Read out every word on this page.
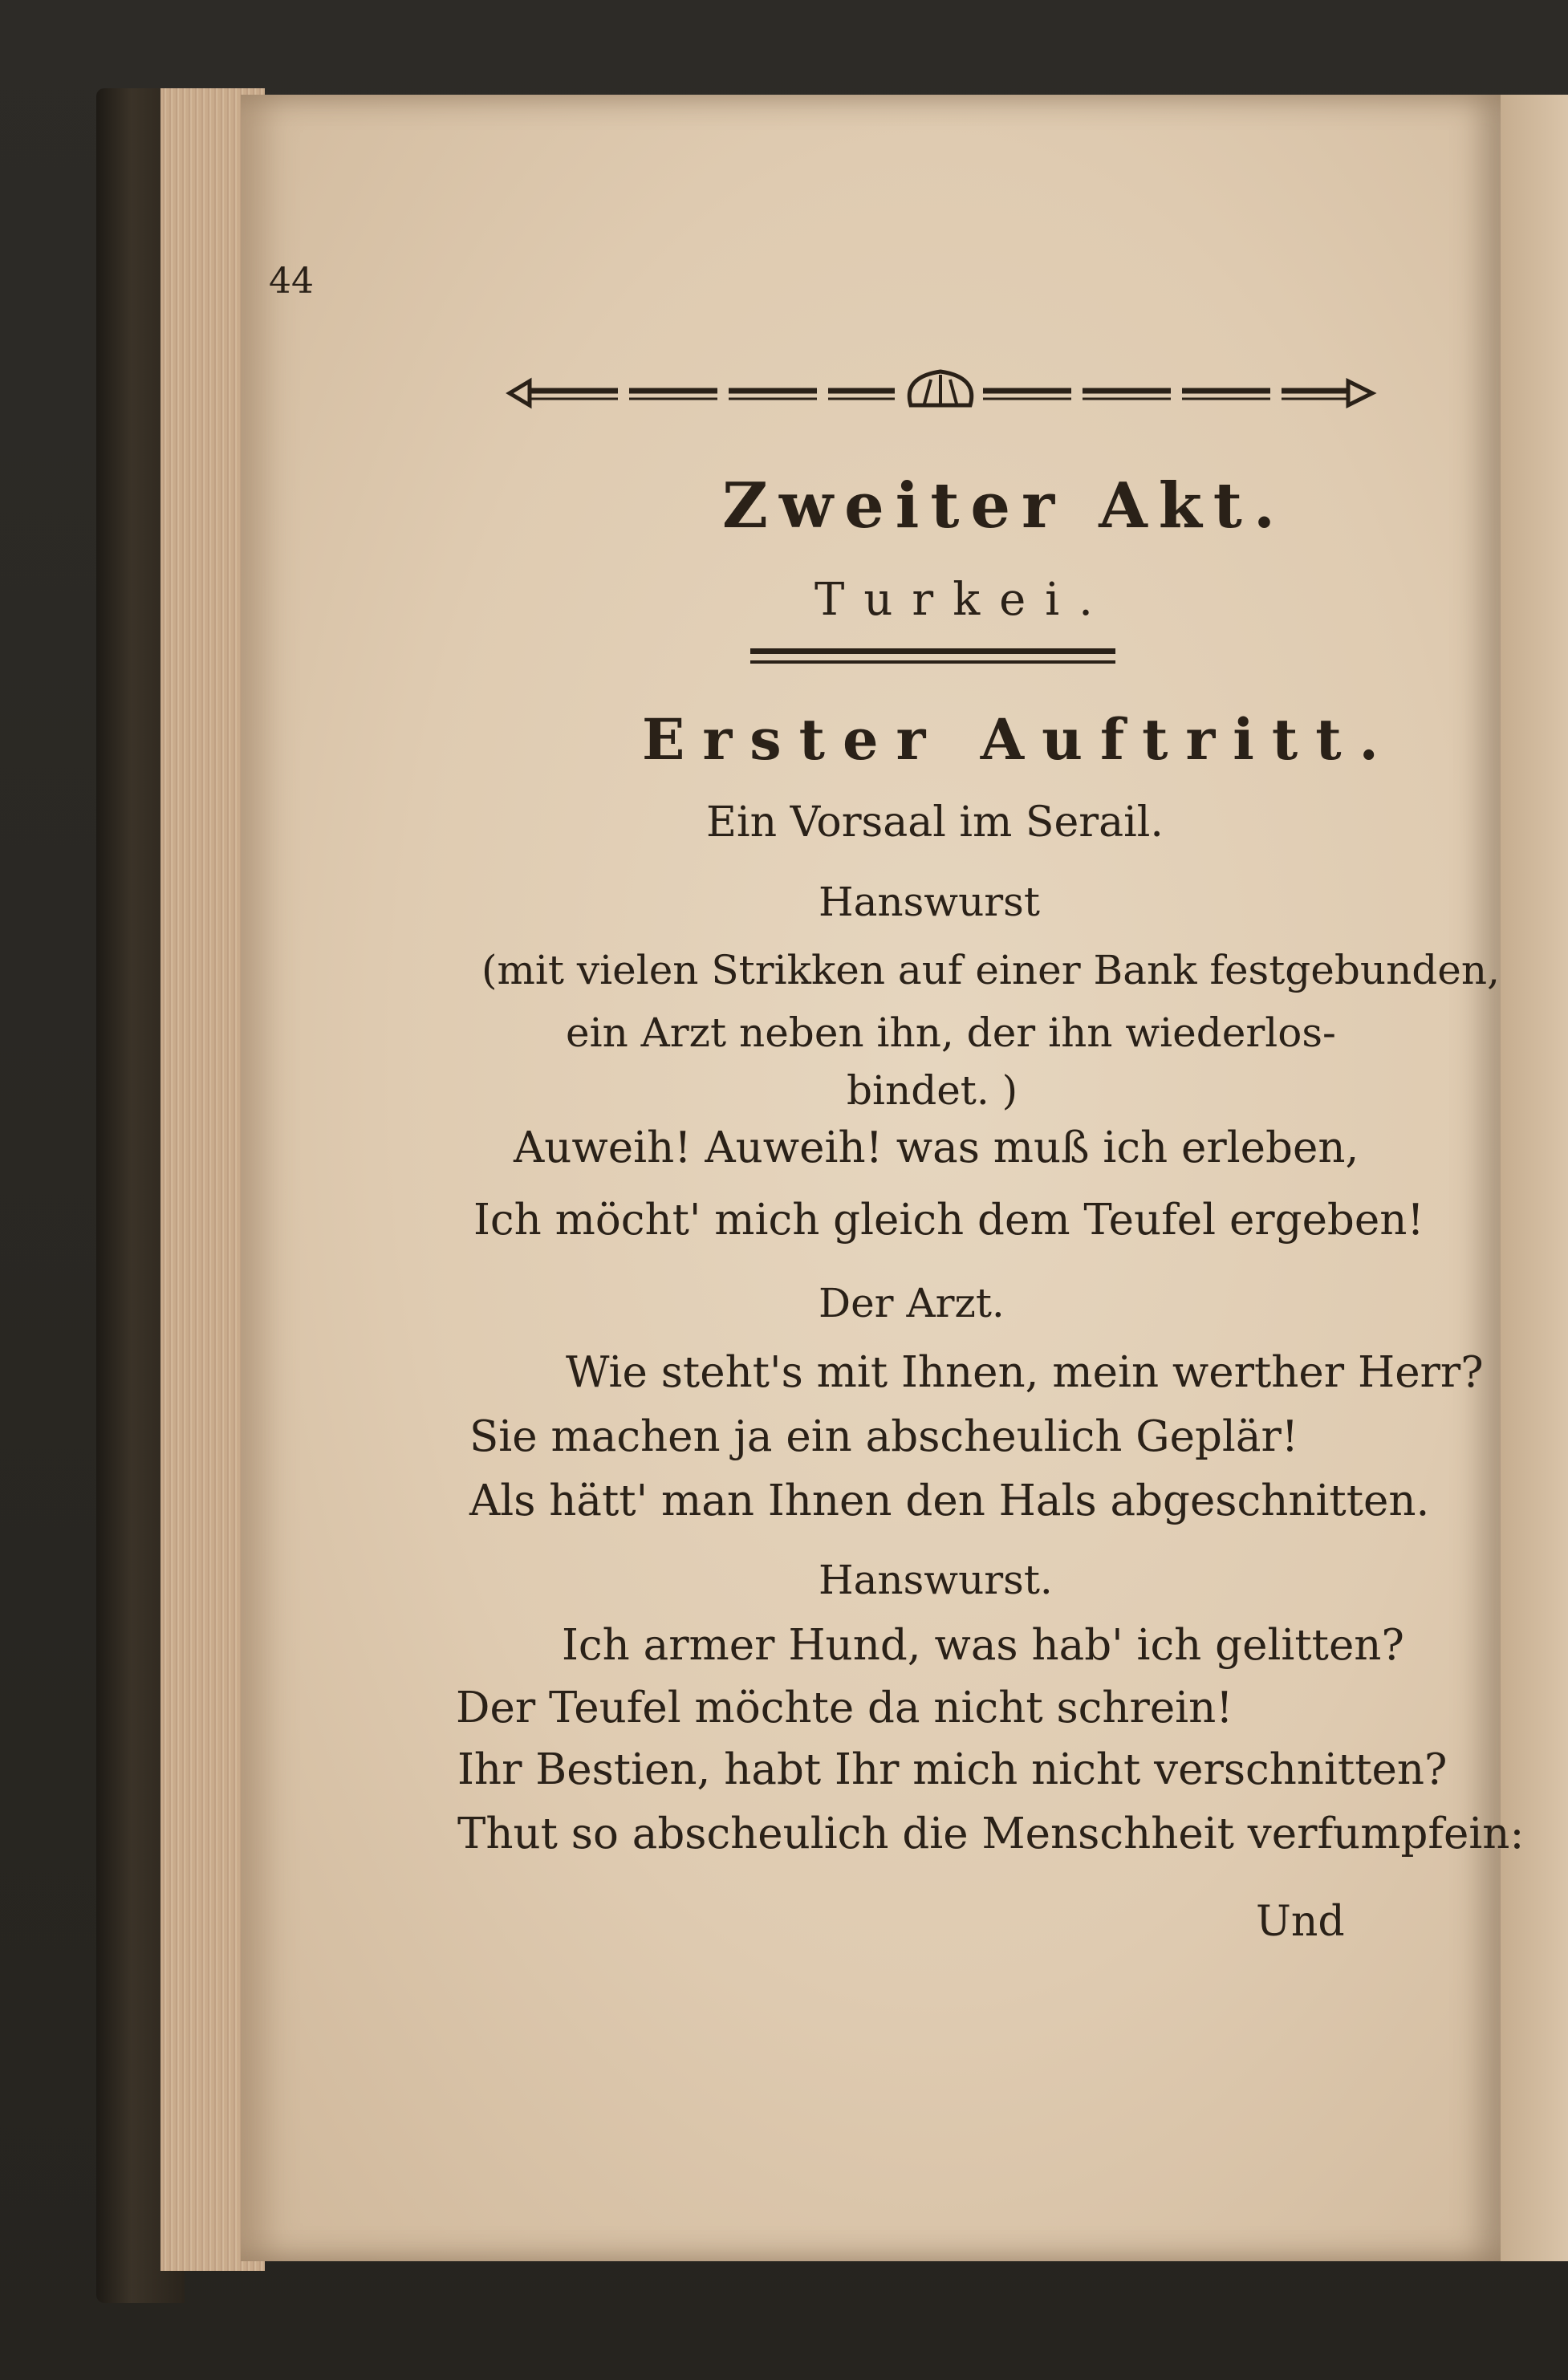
44
Zweiter Akt.
Turkei.
Erster Auftritt.
Ein Vorsaal im Serail.
Hanswurst
(mit vielen Strikken auf einer Bank festgebunden,
ein Arzt neben ihn, der ihn wiederlos-
bindet. )
Auweih! Auweih! was muß ich erleben,
Ich möcht' mich gleich dem Teufel ergeben!
Der Arzt.
Wie steht's mit Ihnen, mein werther Herr?
Sie machen ja ein abscheulich Geplär!
Als hätt' man Ihnen den Hals abgeschnitten.
Hanswurst.
Ich armer Hund, was hab' ich gelitten?
Der Teufel möchte da nicht schrein!
Ihr Bestien, habt Ihr mich nicht verschnitten?
Thut so abscheulich die Menschheit verfumpfein:
Und
